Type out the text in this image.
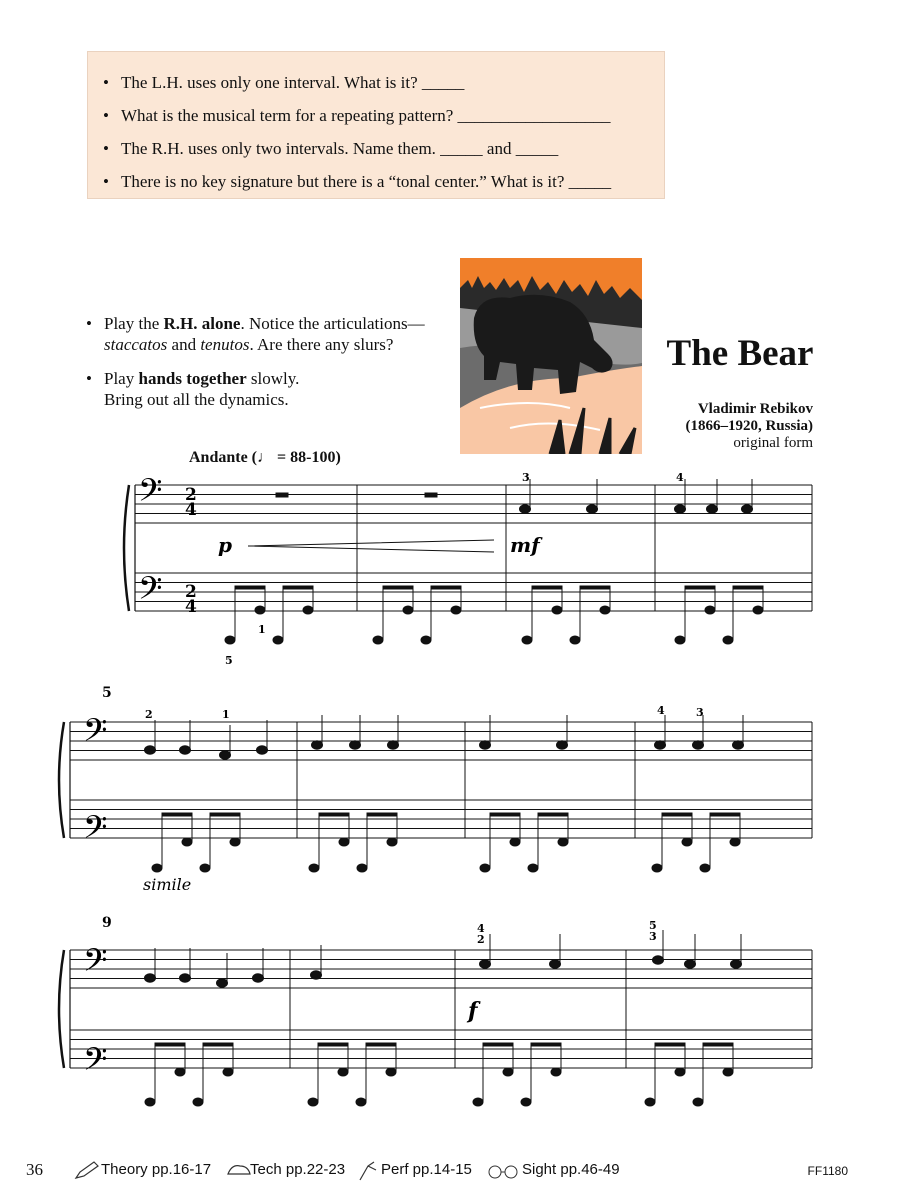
• The L.H. uses only one interval. What is it? _____
• What is the musical term for a repeating pattern? __________________
• The R.H. uses only two intervals. Name them. _____ and _____
• There is no key signature but there is a “tonal center.” What is it? _____
• Play the R.H. alone. Notice the articulations—
staccatos and tenutos. Are there any slurs?
• Play hands together slowly.
Bring out all the dynamics.
The Bear
Vladimir Rebikov
(1866–1920, Russia)
original form
Andante (♩ = 88-100)
𝄢
𝄢
2
4
2
4
p	mf
𝄢
𝄢
simile
5
𝄢
𝄢
9
f
3	4
5
1
2	1	4	3
4
2
5
3
36	Theory pp.16-17	Tech pp.22-23 Perf pp.14-15	Sight pp.46-49	FF1180
